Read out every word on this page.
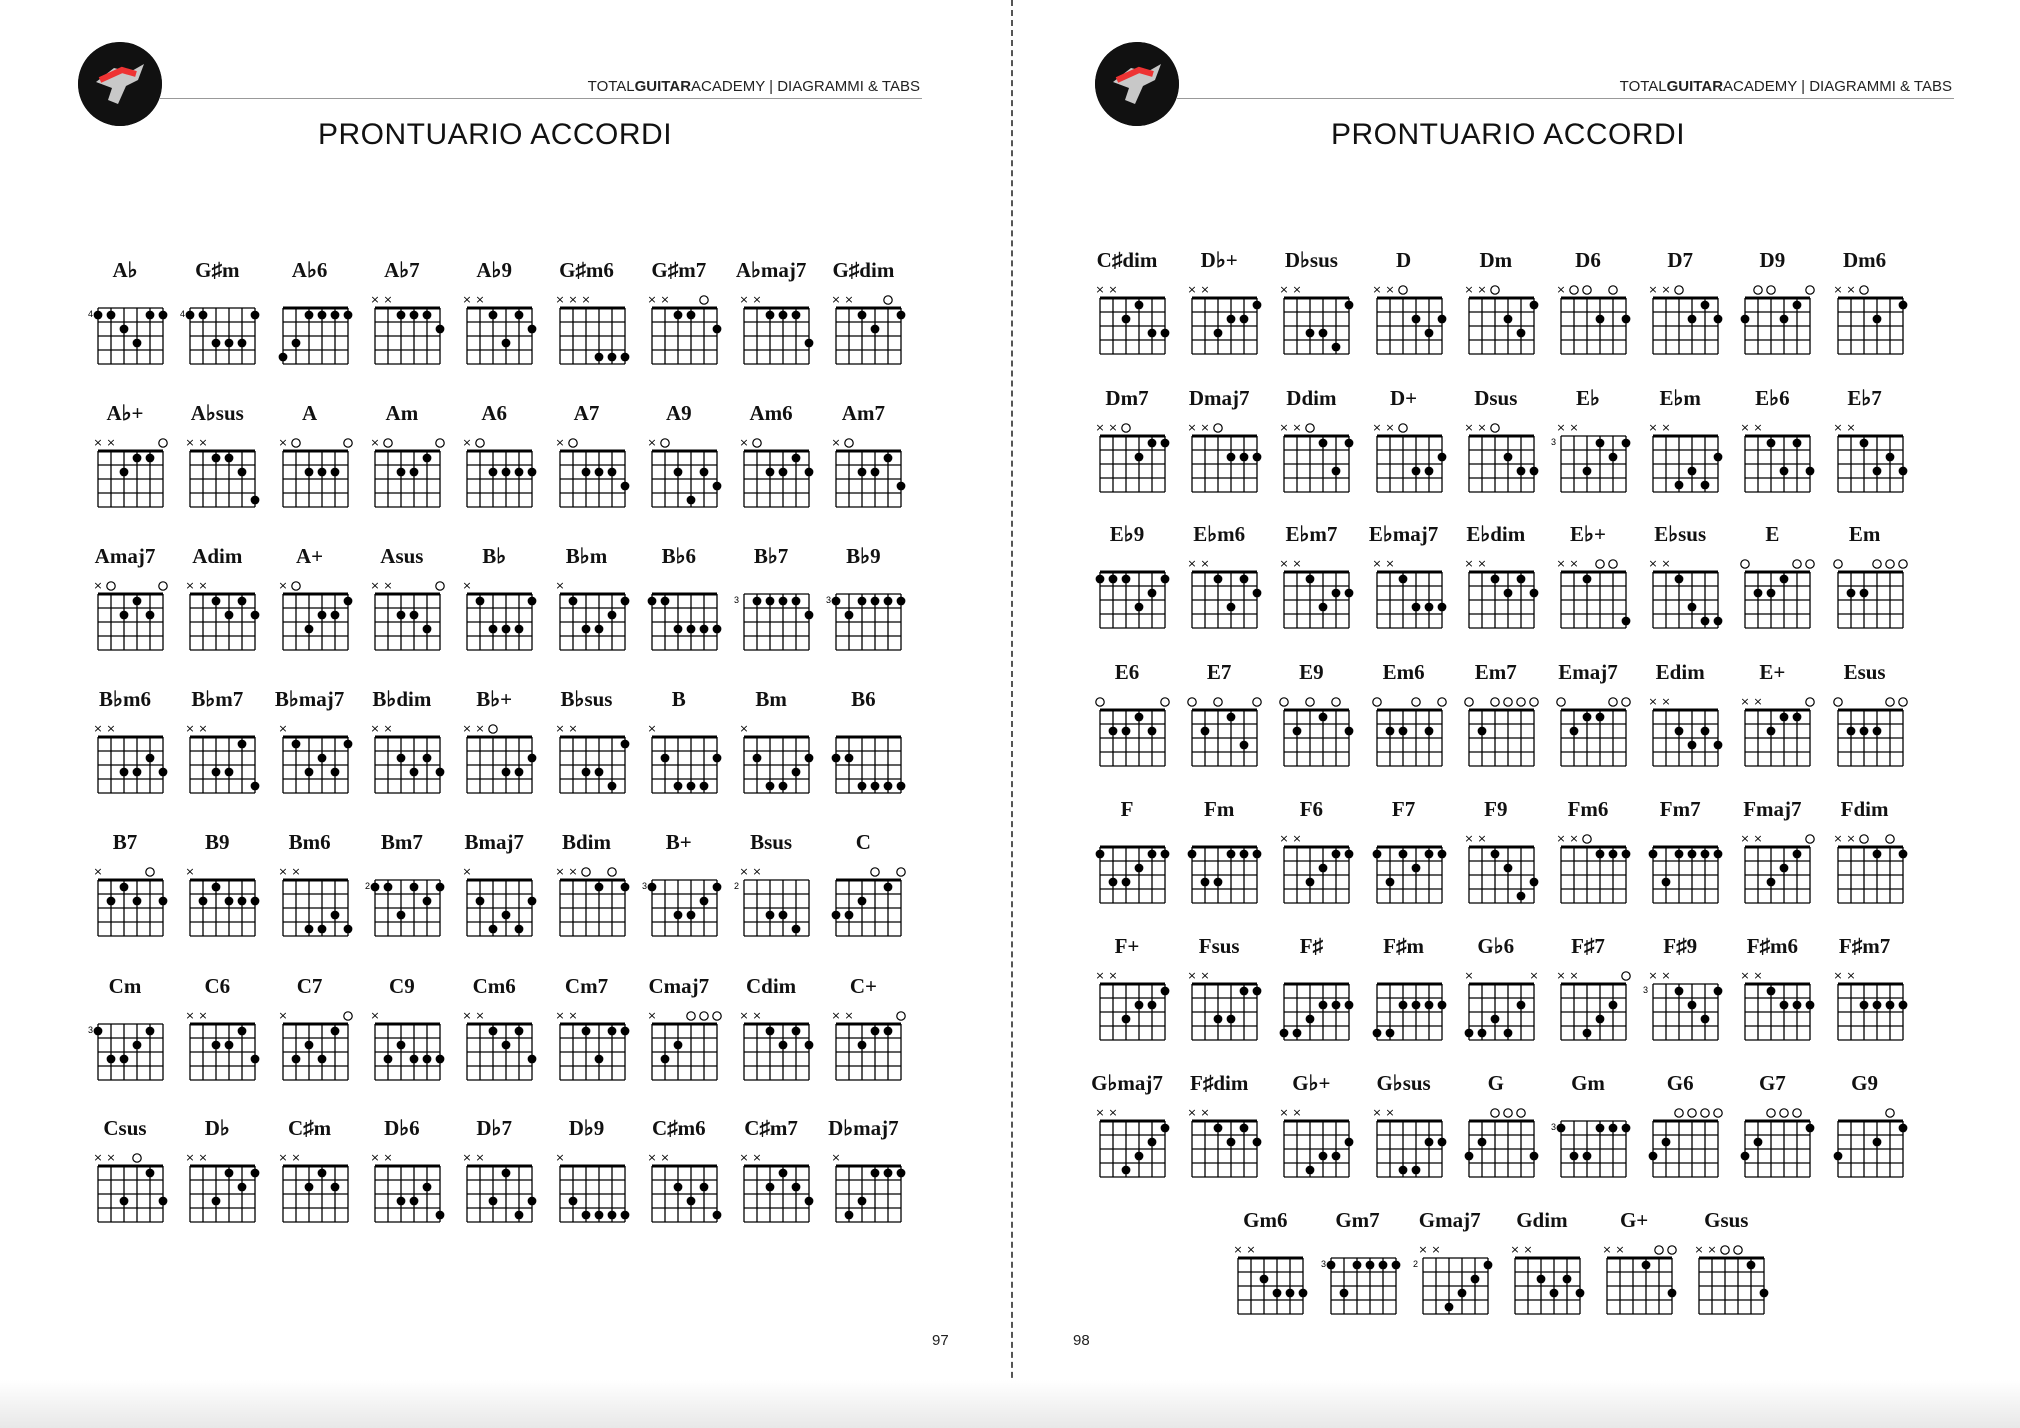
TOTALGUITARACADEMY | DIAGRAMMI & TABS
PRONTUARIO ACCORDI
A♭
4
G♯m
4
A♭6	A♭7
× ×
A♭9
× ×
G♯m6
× × ×
G♯m7
× ×
A♭maj7
× ×
G♯dim
× ×
A♭+
× ×
A♭sus
× ×
A
×
Am
×
A6
×
A7
×
A9
×
Am6
×
Am7
×
Amaj7
×
Adim
× ×
A+
×
Asus
× ×
B♭
×
B♭m
×
B♭6	B♭7
3
B♭9
3
B♭m6
× ×
B♭m7
× ×
B♭maj7
×
B♭dim
× ×
B♭+
× ×
B♭sus
× ×
B
×
Bm
×
B6
B7
×
B9
×
Bm6
× ×
Bm7
2
Bmaj7
×
Bdim
× ×
B+
3
Bsus
2
× ×
C
Cm
3
C6
× ×
C7
×
C9
×
Cm6
× ×
Cm7
× ×
Cmaj7
×
Cdim
× ×
C+
× ×
Csus
× ×
D♭
× ×
C♯m
× ×
D♭6
× ×
D♭7
× ×
D♭9
×
C♯m6
× ×
C♯m7
× ×
D♭maj7
×
97
TOTALGUITARACADEMY | DIAGRAMMI & TABS
PRONTUARIO ACCORDI
C♯dim
× ×
D♭+
× ×
D♭sus
× ×
D
× ×
Dm
× ×
D6
×
D7
× ×
D9	Dm6
× ×
Dm7
× ×
Dmaj7
× ×
Ddim
× ×
D+
× ×
Dsus
× ×
E♭
3
× ×
E♭m
× ×
E♭6
× ×
E♭7
× ×
E♭9	E♭m6
× ×
E♭m7
× ×
E♭maj7
× ×
E♭dim
× ×
E♭+
× ×
E♭sus
× ×
E	Em
E6	E7	E9	Em6	Em7	Emaj7	Edim
× ×
E+
× ×
Esus
F	Fm	F6
× ×
F7	F9
× ×
Fm6
× ×
Fm7	Fmaj7
× ×
Fdim
× ×
F+
× ×
Fsus
× ×
F♯	F♯m	G♭6
×	×
F♯7
× ×
F♯9
3
× ×
F♯m6
× ×
F♯m7
× ×
G♭maj7
× ×
F♯dim
× ×
G♭+
× ×
G♭sus
× ×
G	Gm
3
G6	G7	G9
Gm6
× ×
Gm7
3
Gmaj7
2
× ×
Gdim
× ×
G+
× ×
Gsus
× ×
98
